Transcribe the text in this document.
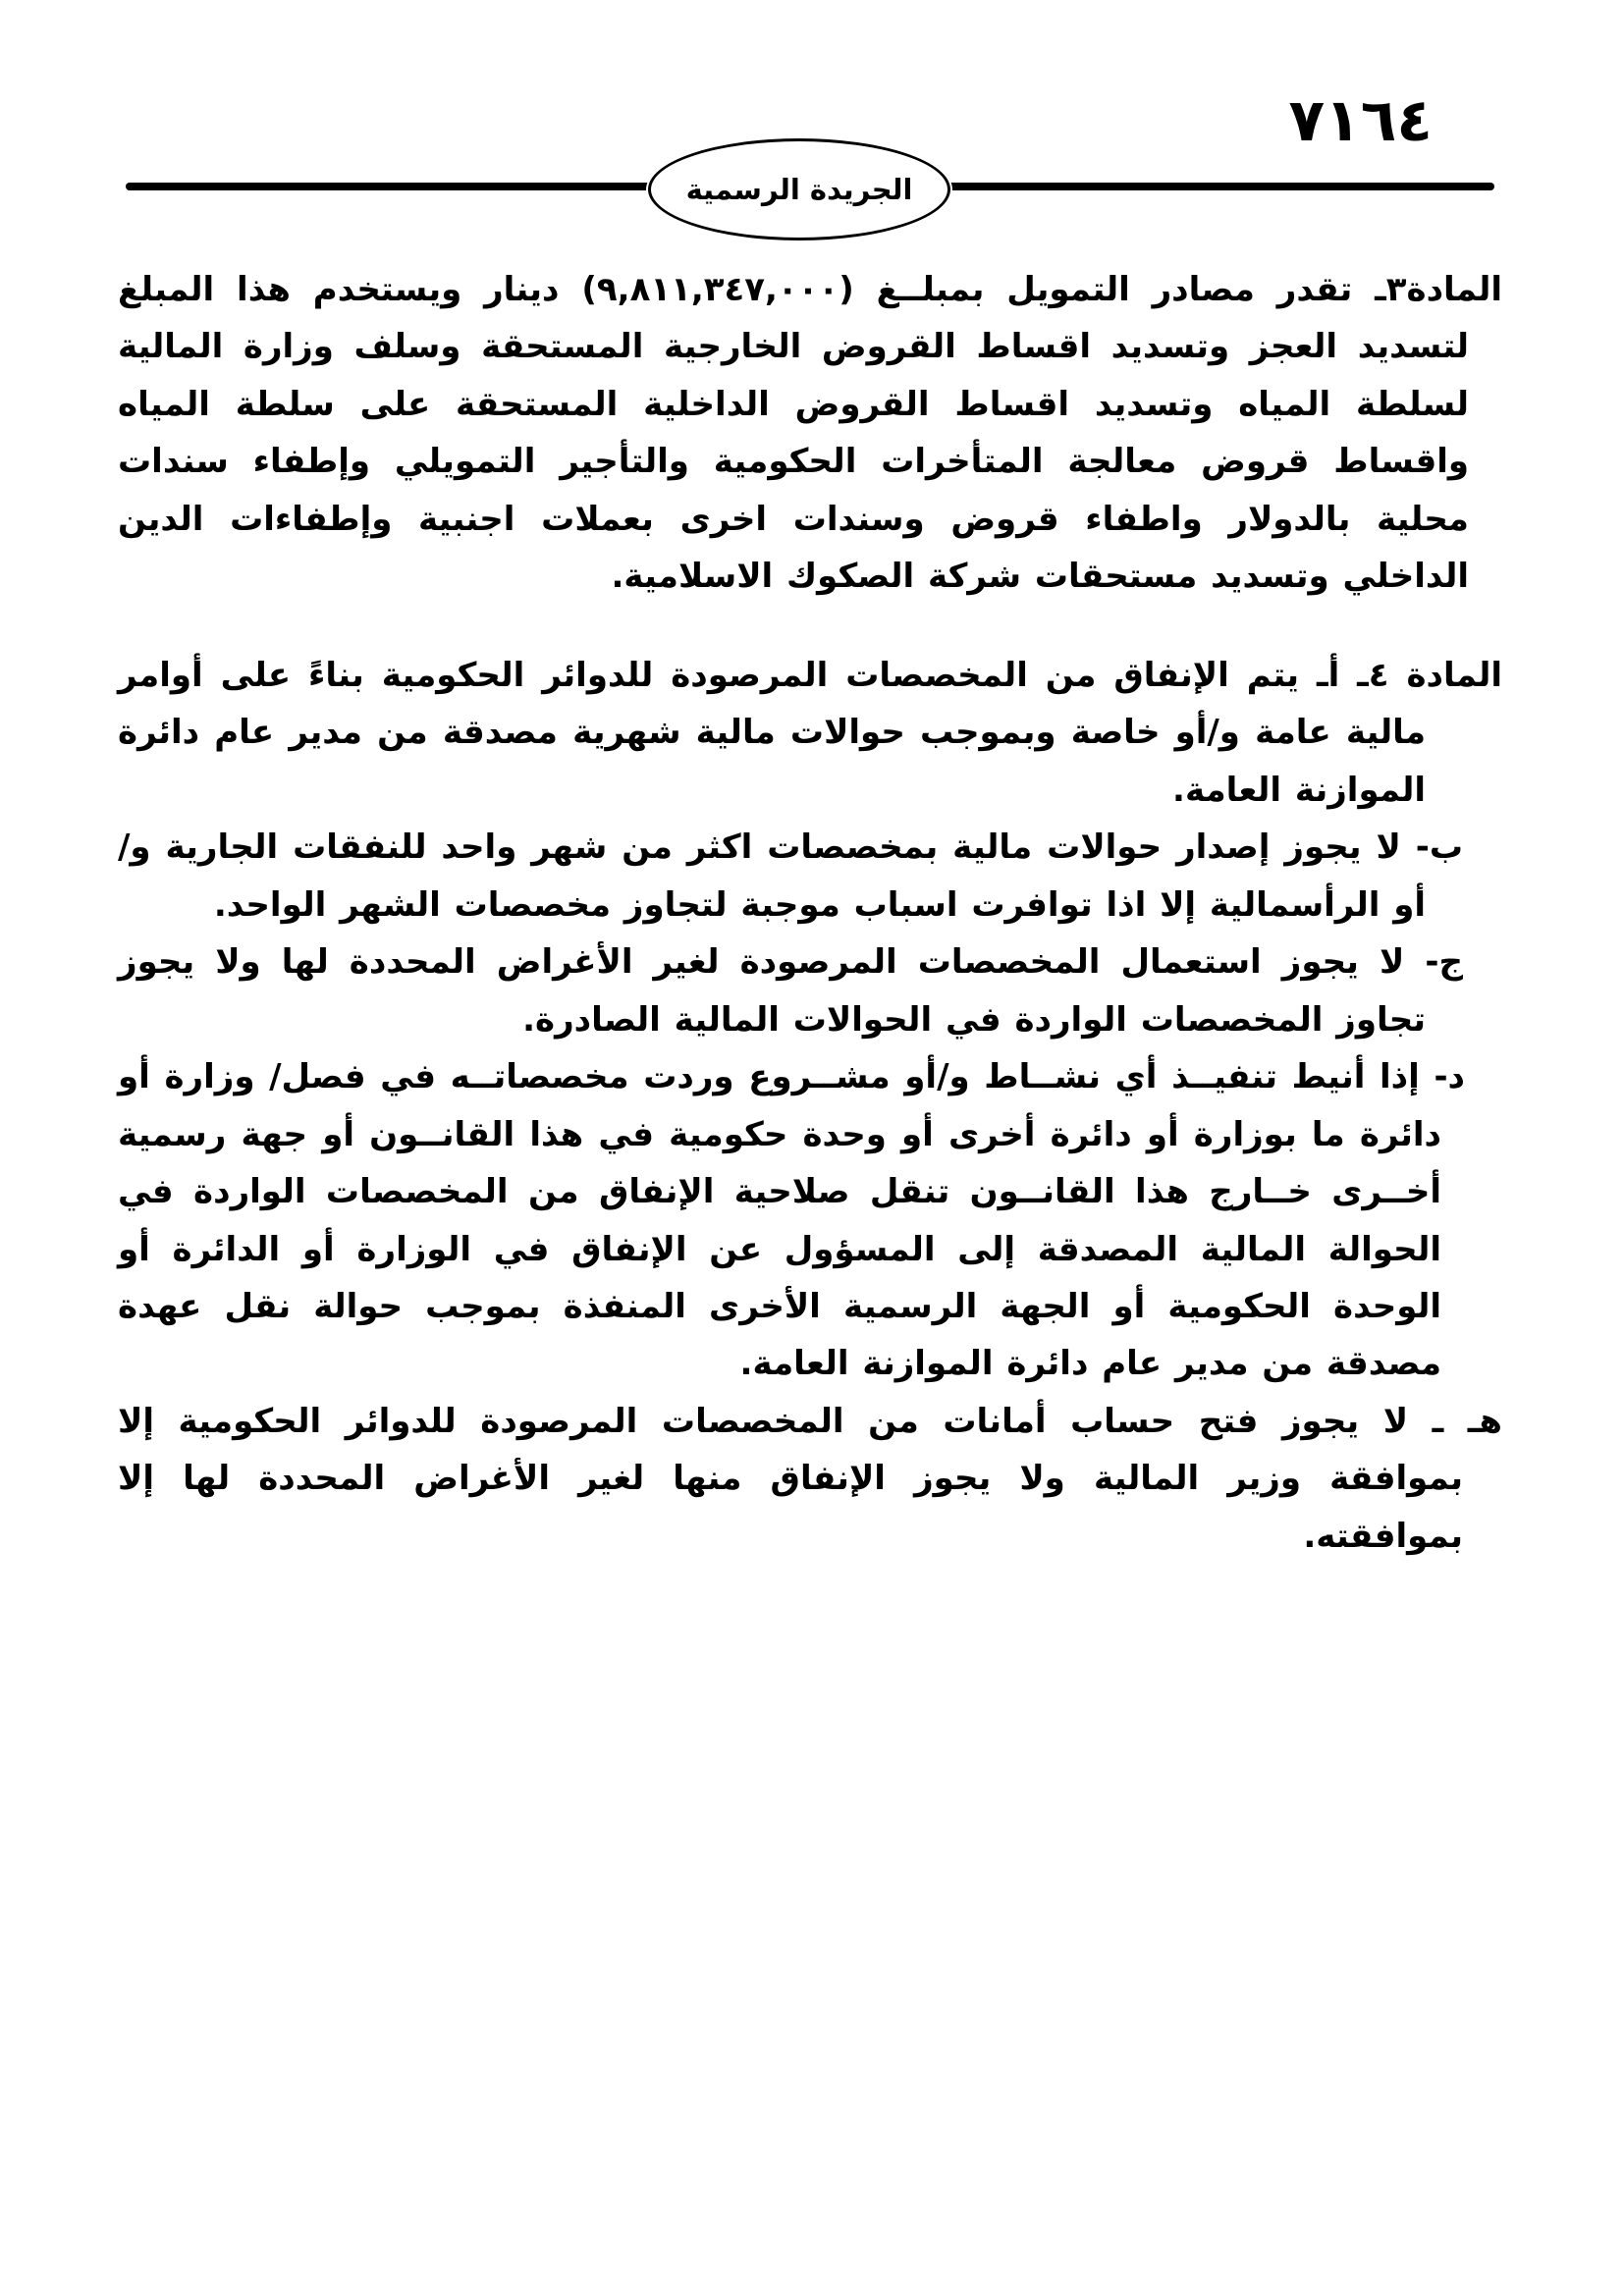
٧١٦٤
الجريدة الرسمية

المادة٣ـ تقدر مصادر التمويل بمبلــغ (٩,٨١١,٣٤٧,٠٠٠) دينار ويستخدم هذا المبلغ لتسديد العجز وتسديد اقساط القروض الخارجية المستحقة وسلف وزارة المالية لسلطة المياه وتسديد اقساط القروض الداخلية المستحقة على سلطة المياه واقساط قروض معالجة المتأخرات الحكومية والتأجير التمويلي وإطفاء سندات محلية بالدولار واطفاء قروض وسندات اخرى بعملات اجنبية وإطفاءات الدين الداخلي وتسديد مستحقات شركة الصكوك الاسلامية.

المادة ٤ـ أـ يتم الإنفاق من المخصصات المرصودة للدوائر الحكومية بناءً على أوامر مالية عامة و/أو خاصة وبموجب حوالات مالية شهرية مصدقة من مدير عام دائرة الموازنة العامة.

ب- لا يجوز إصدار حوالات مالية بمخصصات اكثر من شهر واحد للنفقات الجارية و/أو الرأسمالية إلا اذا توافرت اسباب موجبة لتجاوز مخصصات الشهر الواحد.

ج- لا يجوز استعمال المخصصات المرصودة لغير الأغراض المحددة لها ولا يجوز تجاوز المخصصات الواردة في الحوالات المالية الصادرة.

د- إذا أنيط تنفيــذ أي نشــاط و/أو مشــروع وردت مخصصاتــه في فصل/ وزارة أو دائرة ما بوزارة أو دائرة أخرى أو وحدة حكومية في هذا القانــون أو جهة رسمية أخــرى خــارج هذا القانــون تنقل صلاحية الإنفاق من المخصصات الواردة في الحوالة المالية المصدقة إلى المسؤول عن الإنفاق في الوزارة أو الدائرة أو الوحدة الحكومية أو الجهة الرسمية الأخرى المنفذة بموجب حوالة نقل عهدة مصدقة من مدير عام دائرة الموازنة العامة.

هـ ـ لا يجوز فتح حساب أمانات من المخصصات المرصودة للدوائر الحكومية إلا بموافقة وزير المالية ولا يجوز الإنفاق منها لغير الأغراض المحددة لها إلا بموافقته.
